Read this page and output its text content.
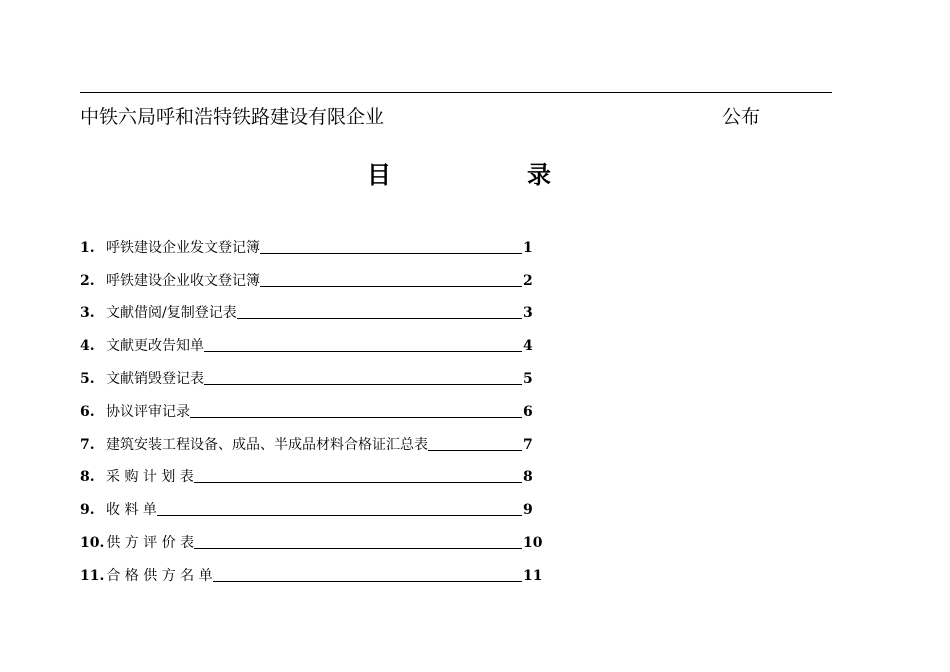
中铁六局呼和浩特铁路建设有限企业	公布
目	录
1. 呼铁建设企业发文登记簿	1
2. 呼铁建设企业收文登记簿	2
3. 文献借阅/复制登记表	3
4. 文献更改告知单	4
5. 文献销毁登记表	5
6. 协议评审记录	6
7. 建筑安装工程设备、成品、半成品材料合格证汇总表	7
8. 采 购 计 划 表	8
9. 收 料 单	9
10. 供 方 评 价 表	10
11. 合 格 供 方 名 单	11
